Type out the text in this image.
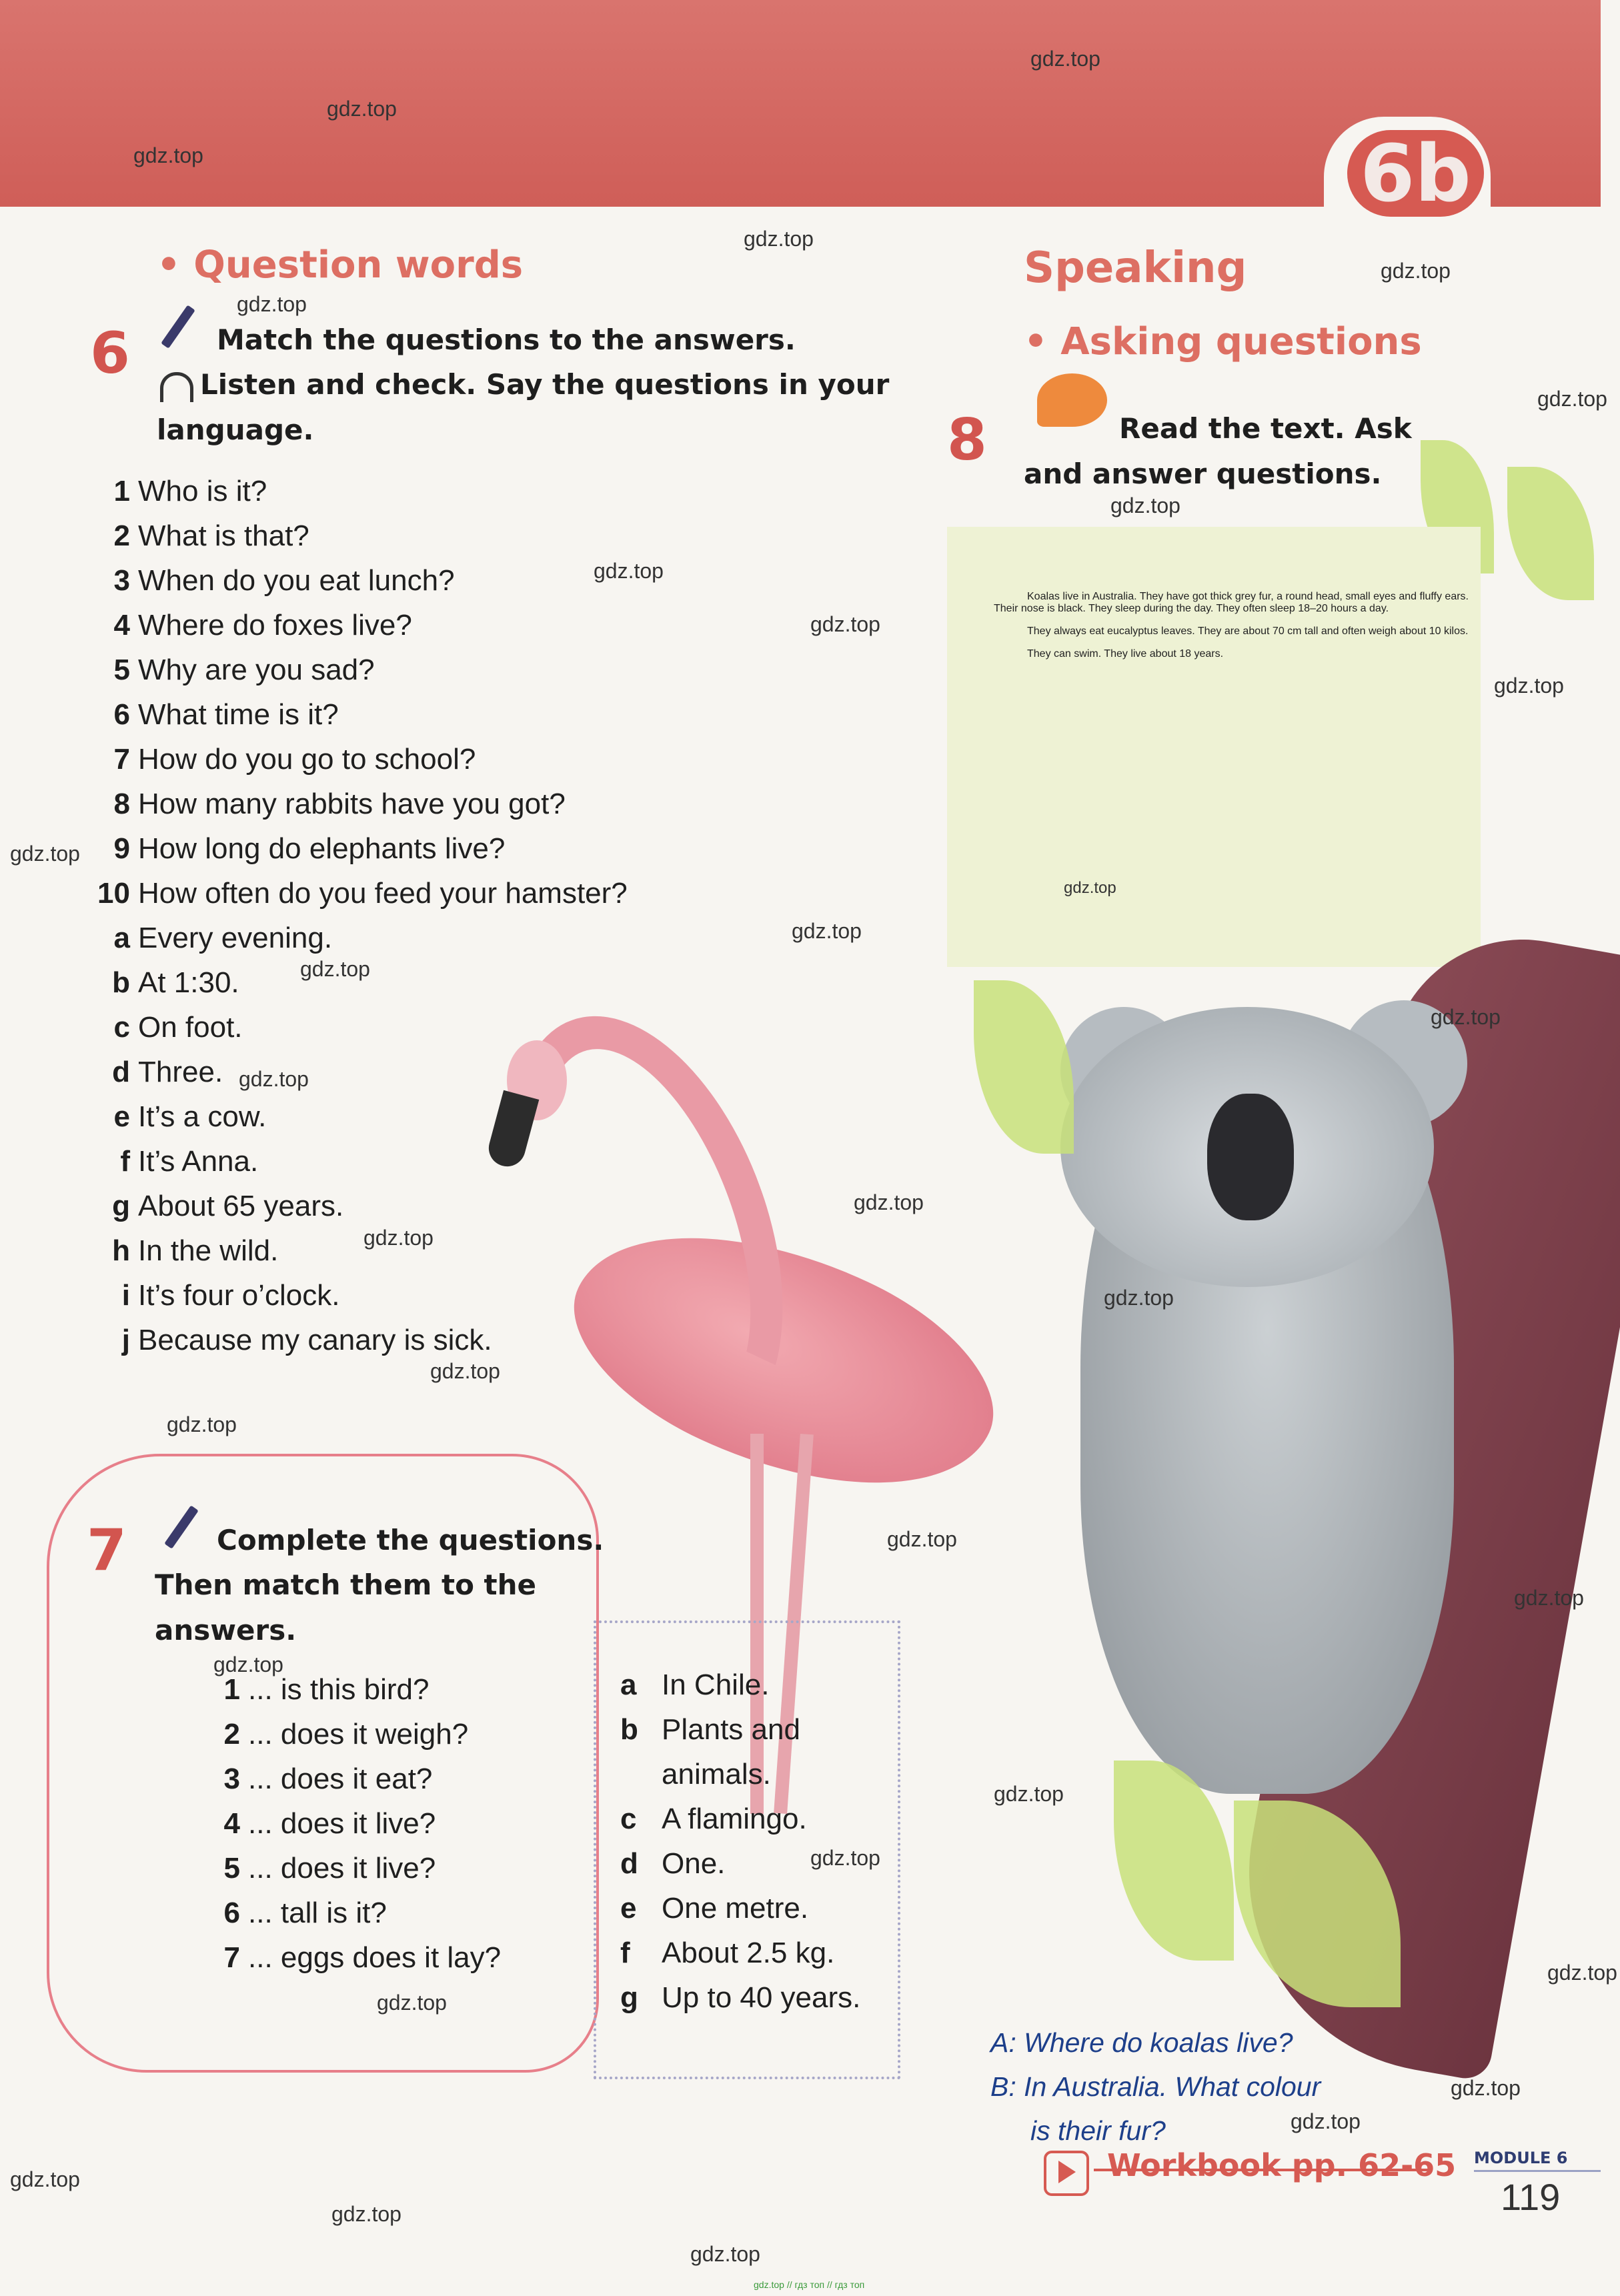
6b
• Question words
6	Match the questions to the answers.
Listen and check. Say the questions in your
language.
1 Who is it?
2 What is that?
3 When do you eat lunch?
4 Where do foxes live?
5 Why are you sad?
6 What time is it?
7 How do you go to school?
8 How many rabbits have you got?
9 How long do elephants live?
10 How often do you feed your hamster?
a Every evening.
b At 1:30.
c On foot.
d Three.
e It’s a cow.
f It’s Anna.
g About 65 years.
h In the wild.
i It’s four o’clock.
j Because my canary is sick.
7	Complete the questions.
Then match them to the
answers.
1 ... is this bird?
2 ... does it weigh?
3 ... does it eat?
4 ... does it live?
5 ... does it live?
6 ... tall is it?
7 ... eggs does it lay?
a In Chile.
b Plants and
animals.
c A flamingo.
d One.
e One metre.
f	About 2.5 kg.
g Up to 40 years.
Speaking
• Asking questions
8	Read the text. Ask
and answer questions.

Koalas live in Australia. They have got thick grey fur, a round head, small eyes and fluffy ears. Their nose is black. They sleep during the day. They often sleep 18–20 hours a day.

They always eat eucalyptus leaves. They are about 70 cm tall and often weigh about 10 kilos.

They can swim. They live about 18 years.

A: Where do koalas live?
B: In Australia. What colour
is their fur?
Workbook pp. 62-65 MODULE 6
119
gdz.top
gdz.top
gdz.top
gdz.top
gdz.top
gdz.top
gdz.top
gdz.top
gdz.top
gdz.top
gdz.top
gdz.top
gdz.top
gdz.top
gdz.top
gdz.top
gdz.top
gdz.top
gdz.top
gdz.top
gdz.top
gdz.top
gdz.top
gdz.top
gdz.top
gdz.top
gdz.top
gdz.top
gdz.top
gdz.top
gdz.top
gdz.top
gdz.top
gdz.top
gdz.top // гдз топ // гдз топ
